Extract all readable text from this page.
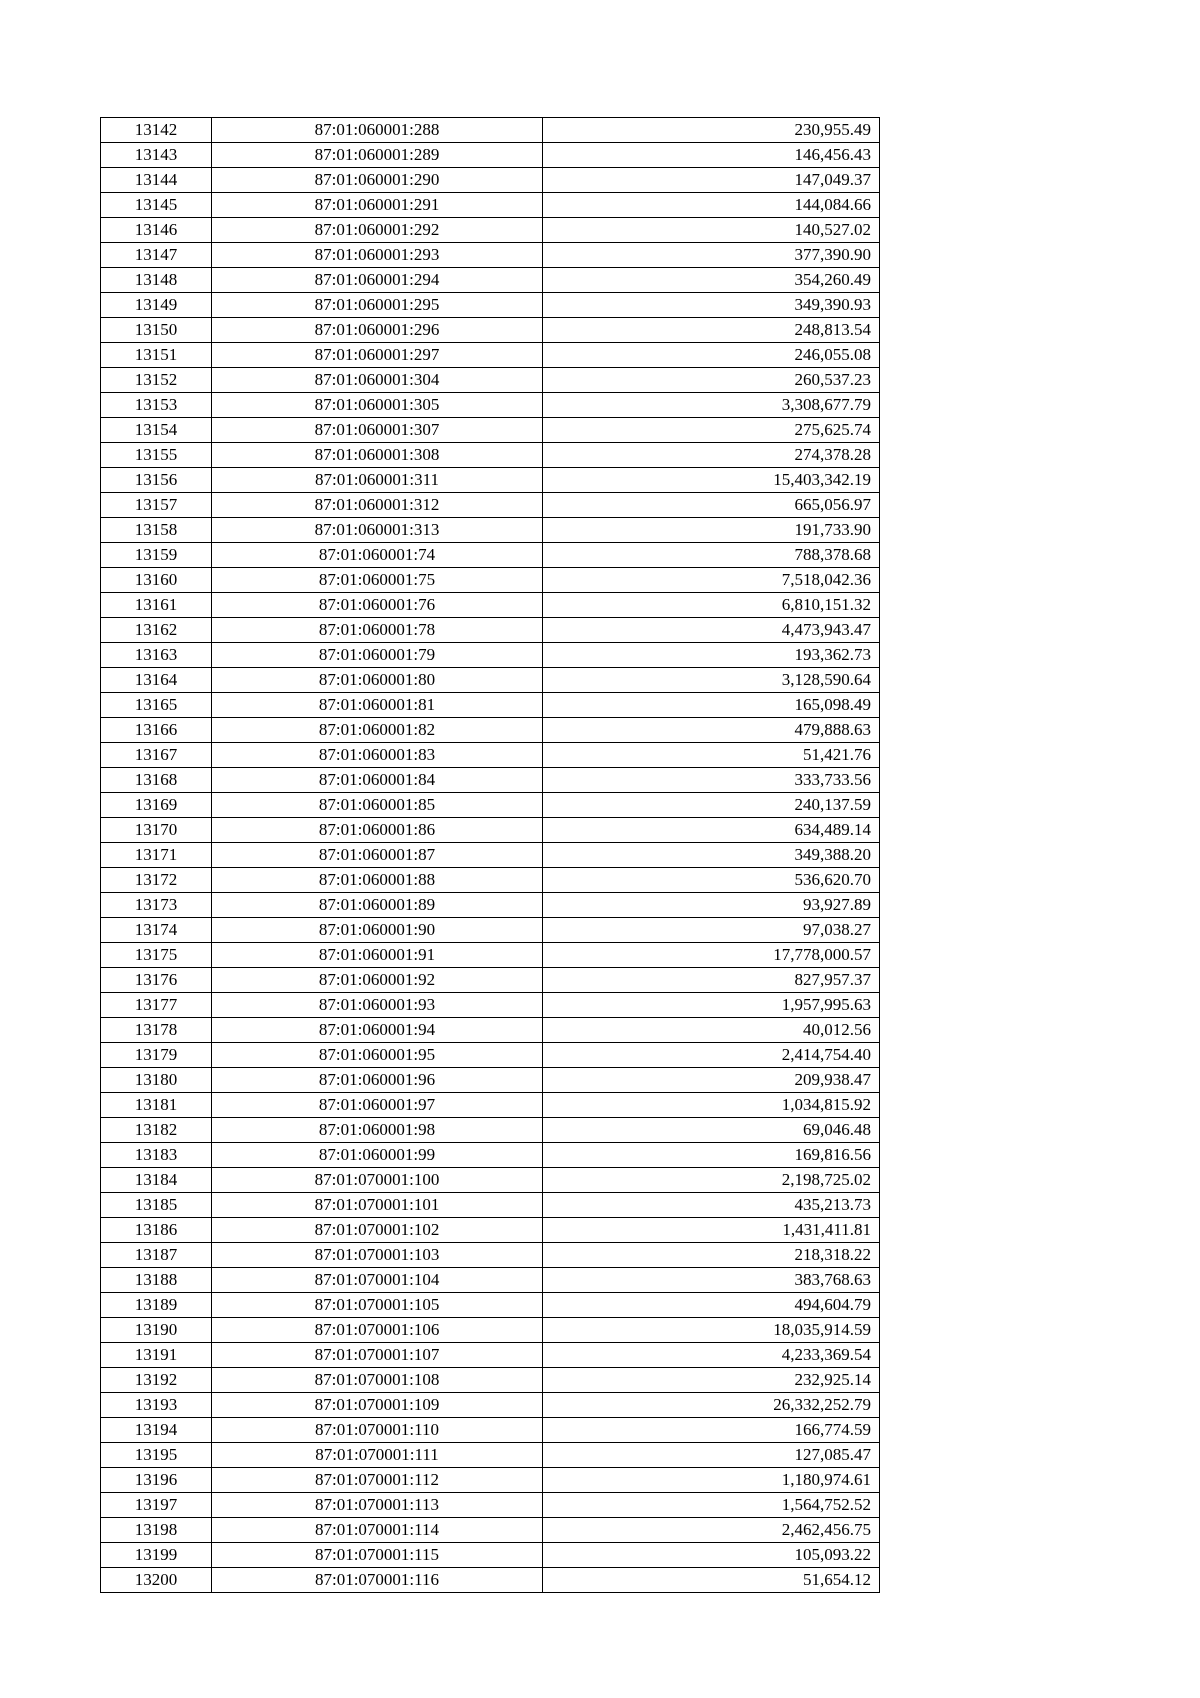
13142	87:01:060001:288	230,955.49
13143	87:01:060001:289	146,456.43
13144	87:01:060001:290	147,049.37
13145	87:01:060001:291	144,084.66
13146	87:01:060001:292	140,527.02
13147	87:01:060001:293	377,390.90
13148	87:01:060001:294	354,260.49
13149	87:01:060001:295	349,390.93
13150	87:01:060001:296	248,813.54
13151	87:01:060001:297	246,055.08
13152	87:01:060001:304	260,537.23
13153	87:01:060001:305	3,308,677.79
13154	87:01:060001:307	275,625.74
13155	87:01:060001:308	274,378.28
13156	87:01:060001:311	15,403,342.19
13157	87:01:060001:312	665,056.97
13158	87:01:060001:313	191,733.90
13159	87:01:060001:74	788,378.68
13160	87:01:060001:75	7,518,042.36
13161	87:01:060001:76	6,810,151.32
13162	87:01:060001:78	4,473,943.47
13163	87:01:060001:79	193,362.73
13164	87:01:060001:80	3,128,590.64
13165	87:01:060001:81	165,098.49
13166	87:01:060001:82	479,888.63
13167	87:01:060001:83	51,421.76
13168	87:01:060001:84	333,733.56
13169	87:01:060001:85	240,137.59
13170	87:01:060001:86	634,489.14
13171	87:01:060001:87	349,388.20
13172	87:01:060001:88	536,620.70
13173	87:01:060001:89	93,927.89
13174	87:01:060001:90	97,038.27
13175	87:01:060001:91	17,778,000.57
13176	87:01:060001:92	827,957.37
13177	87:01:060001:93	1,957,995.63
13178	87:01:060001:94	40,012.56
13179	87:01:060001:95	2,414,754.40
13180	87:01:060001:96	209,938.47
13181	87:01:060001:97	1,034,815.92
13182	87:01:060001:98	69,046.48
13183	87:01:060001:99	169,816.56
13184	87:01:070001:100	2,198,725.02
13185	87:01:070001:101	435,213.73
13186	87:01:070001:102	1,431,411.81
13187	87:01:070001:103	218,318.22
13188	87:01:070001:104	383,768.63
13189	87:01:070001:105	494,604.79
13190	87:01:070001:106	18,035,914.59
13191	87:01:070001:107	4,233,369.54
13192	87:01:070001:108	232,925.14
13193	87:01:070001:109	26,332,252.79
13194	87:01:070001:110	166,774.59
13195	87:01:070001:111	127,085.47
13196	87:01:070001:112	1,180,974.61
13197	87:01:070001:113	1,564,752.52
13198	87:01:070001:114	2,462,456.75
13199	87:01:070001:115	105,093.22
13200	87:01:070001:116	51,654.12
